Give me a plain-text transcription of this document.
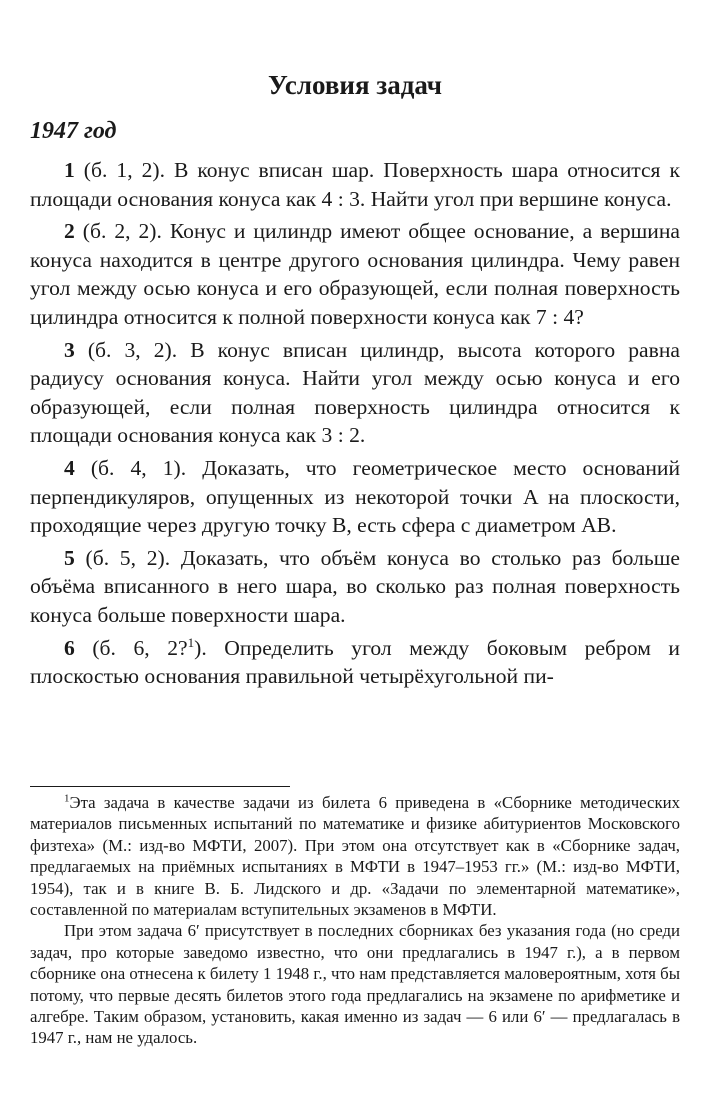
Условия задач
1947 год

1 (б. 1, 2). В конус вписан шар. Поверхность шара относится к площади основания конуса как 4 : 3. Найти угол при вершине конуса.

2 (б. 2, 2). Конус и цилиндр имеют общее основание, а вершина конуса находится в центре другого основания цилиндра. Чему равен угол между осью конуса и его образующей, если полная поверхность цилиндра относится к полной поверхности конуса как 7 : 4?

3 (б. 3, 2). В конус вписан цилиндр, высота которого равна радиусу основания конуса. Найти угол между осью конуса и его образующей, если полная поверхность цилиндра относится к площади основания конуса как 3 : 2.

4 (б. 4, 1). Доказать, что геометрическое место оснований перпендикуляров, опущенных из некоторой точки A на плоскости, проходящие через другую точку B, есть сфера с диаметром AB.

5 (б. 5, 2). Доказать, что объём конуса во столько раз больше объёма вписанного в него шара, во сколько раз полная поверхность конуса больше поверхности шара.

6 (б. 6, 2?$^1$). Определить угол между боковым ребром и плоскостью основания правильной четырёхугольной пи-

$^1$Эта задача в качестве задачи из билета 6 приведена в «Сборнике методических материалов письменных испытаний по математике и физике абитуриентов Московского физтеха» (М.: изд-во МФТИ, 2007). При этом она отсутствует как в «Сборнике задач, предлагаемых на приёмных испытаниях в МФТИ в 1947–1953 гг.» (М.: изд-во МФТИ, 1954), так и в книге В. Б. Лидского и др. «Задачи по элементарной математике», составленной по материалам вступительных экзаменов в МФТИ.

При этом задача 6′ присутствует в последних сборниках без указания года (но среди задач, про которые заведомо известно, что они предлагались в 1947 г.), а в первом сборнике она отнесена к билету 1 1948 г., что нам представляется маловероятным, хотя бы потому, что первые десять билетов этого года предлагались на экзамене по арифметике и алгебре. Таким образом, установить, какая именно из задач — 6 или 6′ — предлагалась в 1947 г., нам не удалось.
